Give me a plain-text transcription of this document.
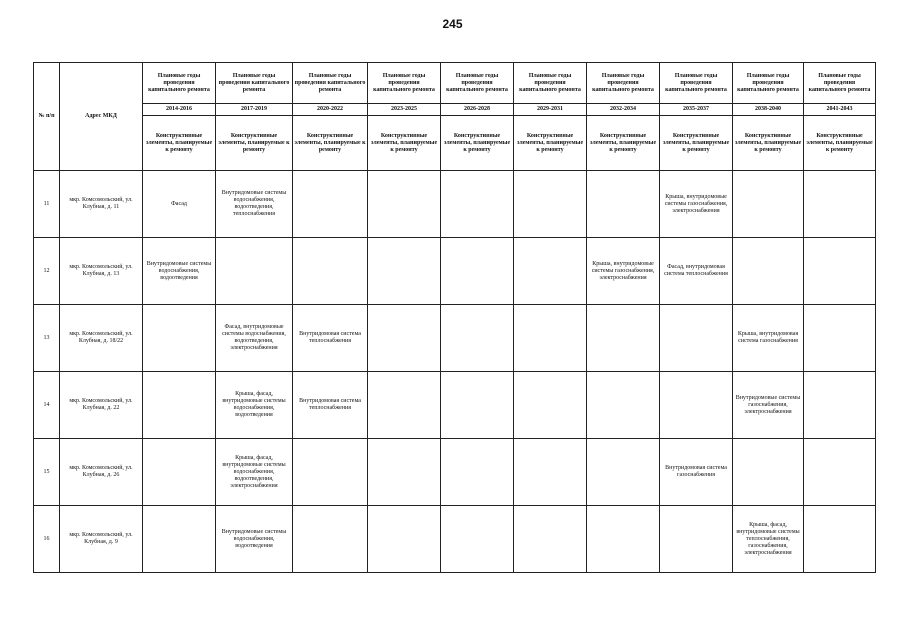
245
№ п/п	Адрес МКД	Плановые годы проведения капитального ремонта	Плановые годы проведения капитального ремонта	Плановые годы проведения капитального ремонта	Плановые годы проведения капитального ремонта	Плановые годы проведения капитального ремонта	Плановые годы проведения капитального ремонта	Плановые годы проведения капитального ремонта	Плановые годы проведения капитального ремонта	Плановые годы проведения капитального ремонта	Плановые годы проведения капитального ремонта
		2014-2016	2017-2019	2020-2022	2023-2025	2026-2028	2029-2031	2032-2034	2035-2037	2038-2040	2041-2043
		Конструктивные элементы, планируемые к ремонту	Конструктивные элементы, планируемые к ремонту	Конструктивные элементы, планируемые к ремонту	Конструктивные элементы, планируемые к ремонту	Конструктивные элементы, планируемые к ремонту	Конструктивные элементы, планируемые к ремонту	Конструктивные элементы, планируемые к ремонту	Конструктивные элементы, планируемые к ремонту	Конструктивные элементы, планируемые к ремонту	Конструктивные элементы, планируемые к ремонту
11	мкр. Комсомольский, ул. Клубная, д. 11	Фасад	Внутридомовые системы водоснабжения, водоотведения, теплоснабжения						Крыша, внутридомовые системы газоснабжения, электроснабжения		
12	мкр. Комсомольский, ул. Клубная, д. 13	Внутридомовые системы водоснабжения, водоотведения						Крыша, внутридомовые системы газоснабжения, электроснабжения	Фасад, внутридомовая система теплоснабжения		
13	мкр. Комсомольский, ул. Клубная, д. 18/22		Фасад, внутридомовые системы водоснабжения, водоотведения, электроснабжения	Внутридомовая система теплоснабжения						Крыша, внутридомовая система газоснабжения	
14	мкр. Комсомольский, ул. Клубная, д. 22		Крыша, фасад, внутридомовые системы водоснабжения, водоотведения	Внутридомовая система теплоснабжения						Внутридомовые системы газоснабжения, электроснабжения	
15	мкр. Комсомольский, ул. Клубная, д. 26		Крыша, фасад, внутридомовые системы водоснабжения, водоотведения, электроснабжения						Внутридомовая система газоснабжения		
16	мкр. Комсомольский, ул. Клубная, д. 9		Внутридомовые системы водоснабжения, водоотведения							Крыша, фасад, внутридомовые системы теплоснабжения, газоснабжения, электроснабжения	
